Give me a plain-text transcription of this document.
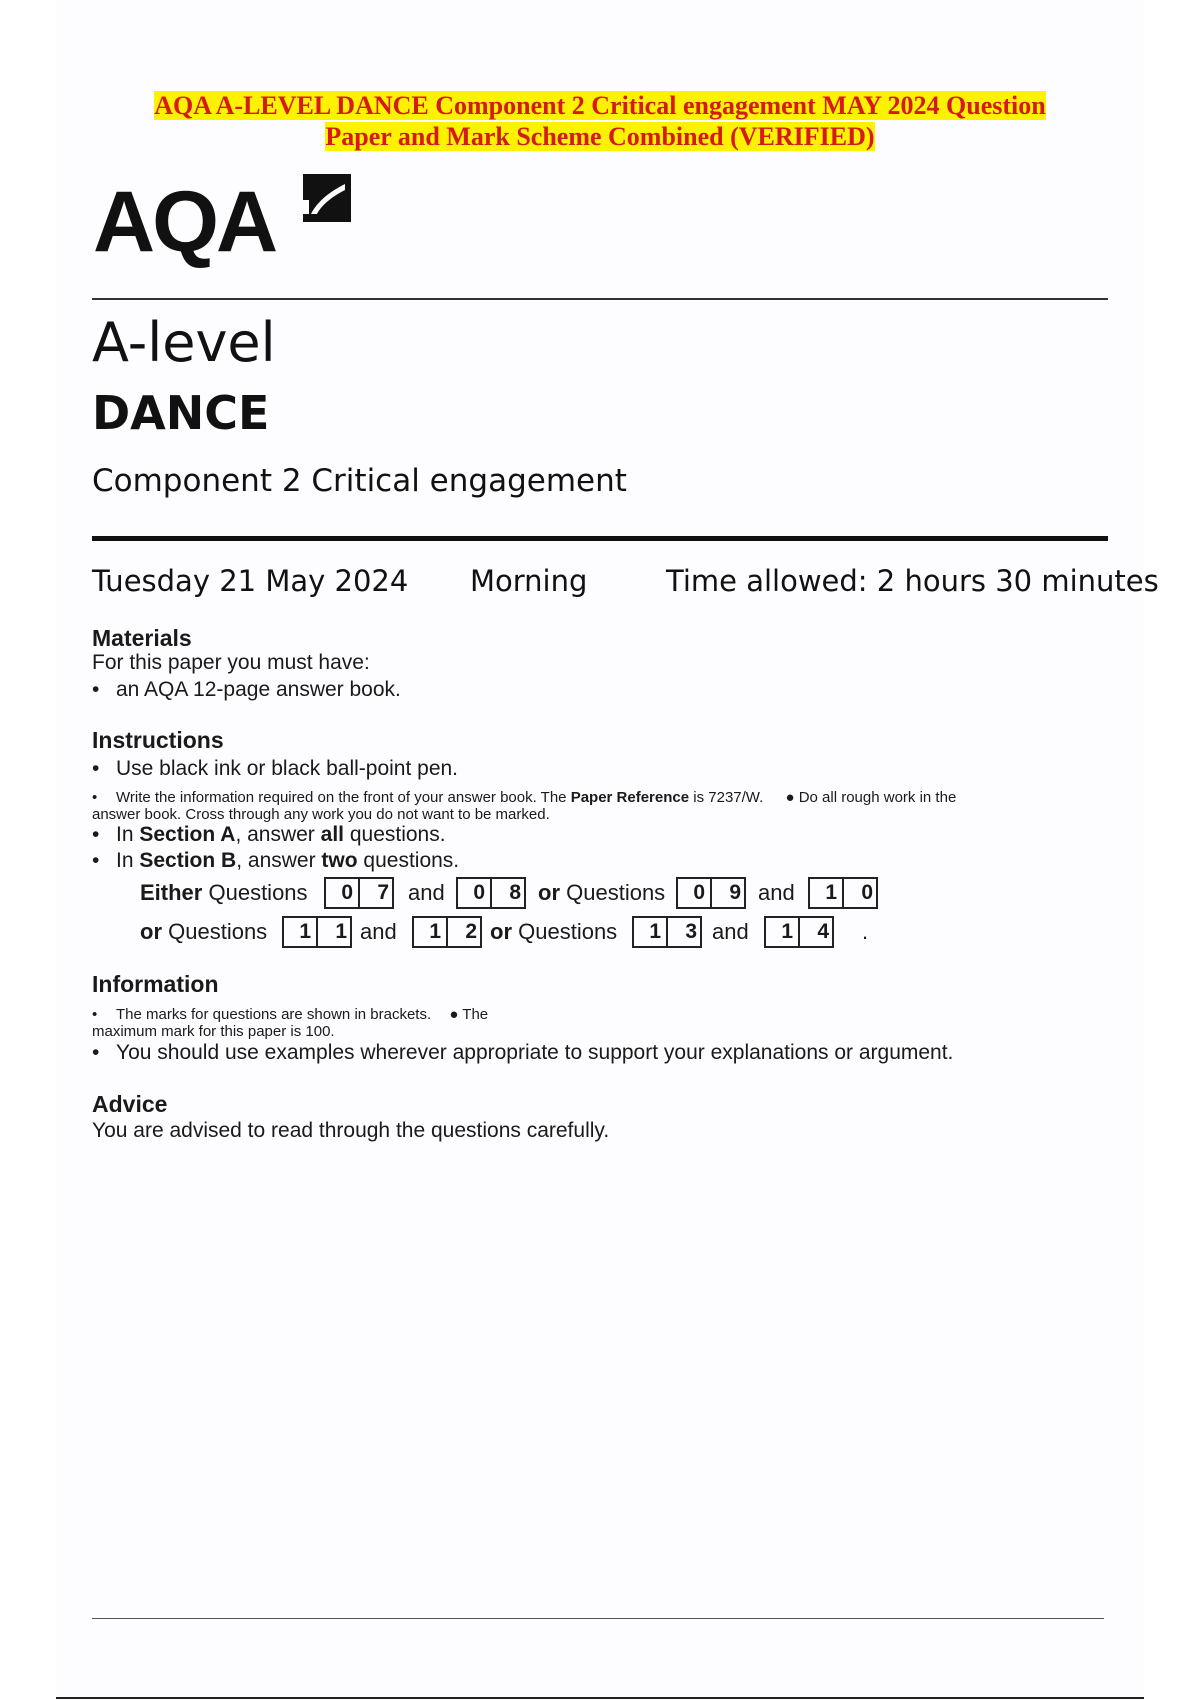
AQA A-LEVEL DANCE Component 2 Critical engagement MAY 2024 Question
Paper and Mark Scheme Combined (VERIFIED)
AQA
A-level
DANCE
Component 2 Critical engagement
Tuesday 21 May 2024 Morning	Time allowed: 2 hours 30 minutes
Materials
For this paper you must have:
• an AQA 12-page answer book.
Instructions
• Use black ink or black ball-point pen.
• Write the information required on the front of your answer book. The Paper Reference is 7237/W. ● Do all rough work in the
answer book. Cross through any work you do not want to be marked.
• In Section A, answer all questions.
• In Section B, answer two questions.
Either Questions	0	7 and	0	8 or Questions	0	9 and	1	0
or Questions	1	1 and	1	2 or Questions	1	3 and	1	4 .
Information
• The marks for questions are shown in brackets. ● The
maximum mark for this paper is 100.
• You should use examples wherever appropriate to support your explanations or argument.
Advice
You are advised to read through the questions carefully.
